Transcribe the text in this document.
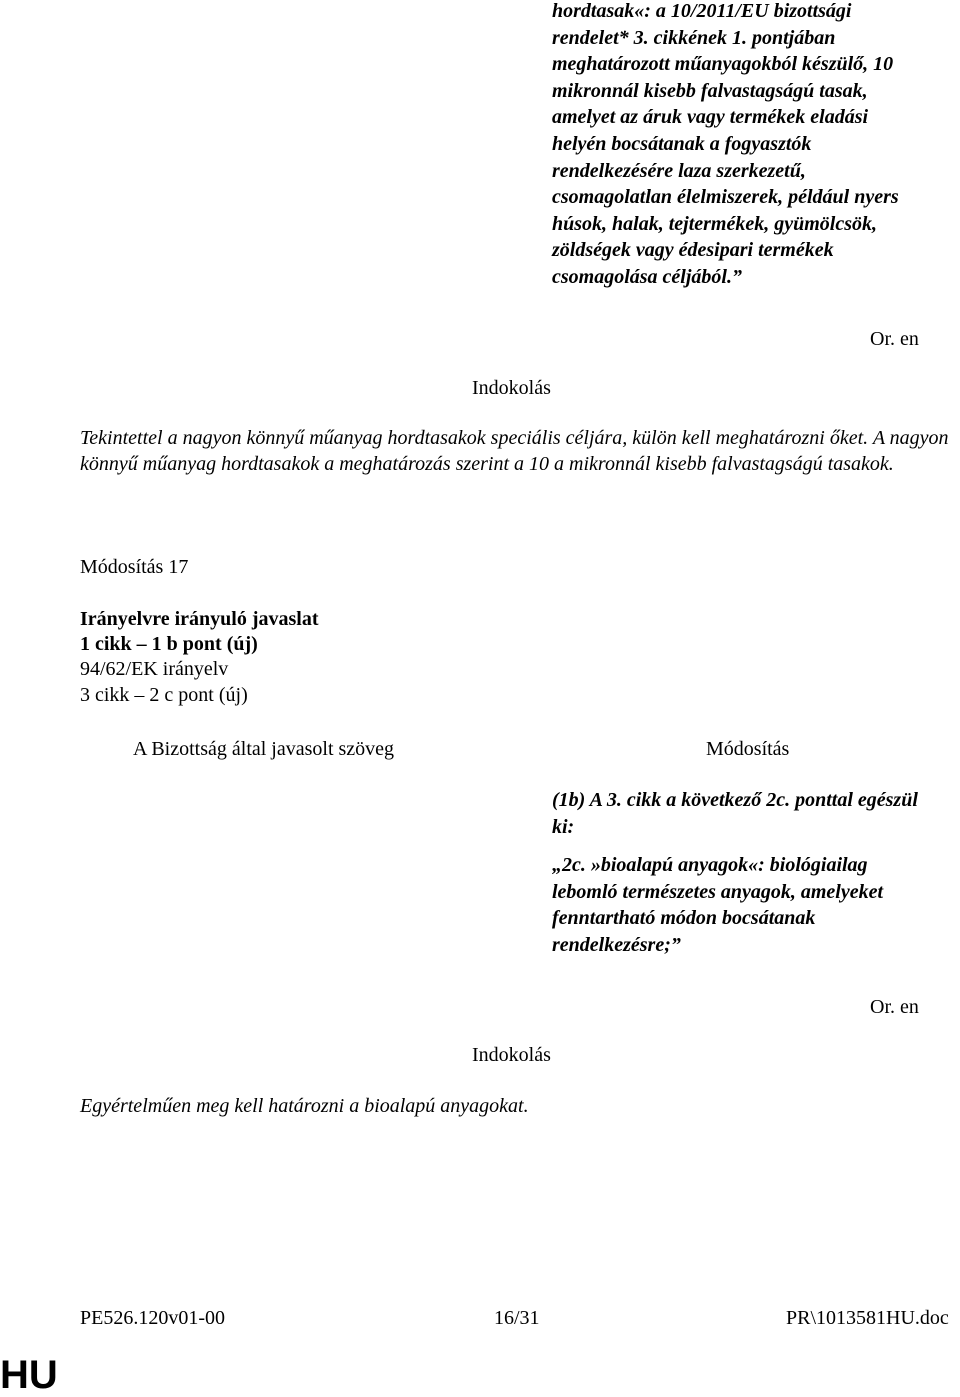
hordtasak«: a 10/2011/EU bizottsági
rendelet* 3. cikkének 1. pontjában
meghatározott műanyagokból készülő, 10
mikronnál kisebb falvastagságú tasak,
amelyet az áruk vagy termékek eladási
helyén bocsátanak a fogyasztók
rendelkezésére laza szerkezetű,
csomagolatlan élelmiszerek, például nyers
húsok, halak, tejtermékek, gyümölcsök,
zöldségek vagy édesipari termékek
csomagolása céljából.”
Or. en
Indokolás

Tekintettel a nagyon könnyű műanyag hordtasakok speciális céljára, külön kell meghatározni őket. A nagyon könnyű műanyag hordtasakok a meghatározás szerint a 10 a mikronnál kisebb falvastagságú tasakok.

Módosítás 17
Irányelvre irányuló javaslat
1 cikk – 1 b pont (új)
94/62/EK irányelv
3 cikk – 2 c pont (új)
A Bizottság által javasolt szöveg	Módosítás

(1b) A 3. cikk a következő 2c. ponttal egészül ki:

„2c. »bioalapú anyagok«: biológiailag lebomló természetes anyagok, amelyeket fenntartható módon bocsátanak rendelkezésre;”

Or. en
Indokolás
Egyértelműen meg kell határozni a bioalapú anyagokat.
PE526.120v01-00	16/31	PR\1013581HU.doc
HU
